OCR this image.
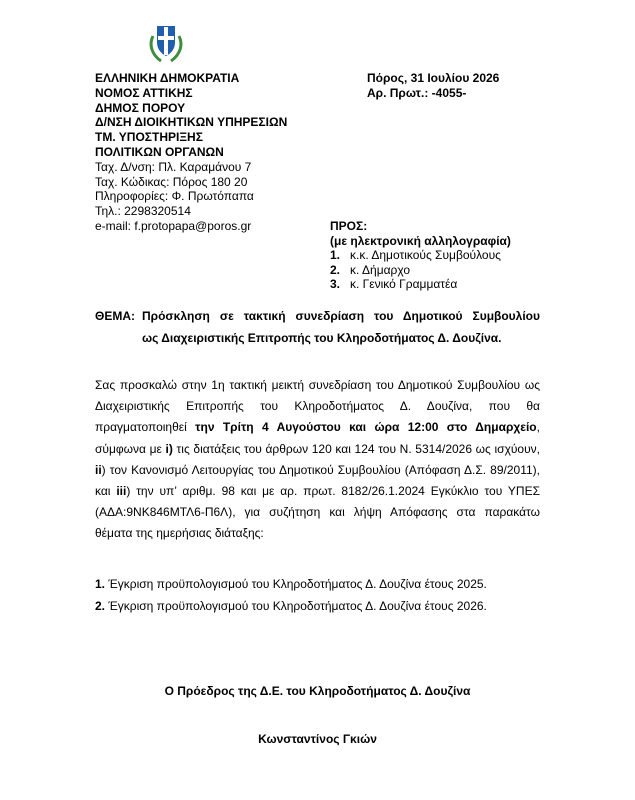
ΕΛΛΗΝΙΚΗ ΔΗΜΟΚΡΑΤΙΑ
ΝΟΜΟΣ ΑΤΤΙΚΗΣ
ΔΗΜΟΣ ΠΟΡΟΥ
Δ/ΝΣΗ ΔΙΟΙΚΗΤΙΚΩΝ ΥΠΗΡΕΣΙΩΝ
ΤΜ. ΥΠΟΣΤΗΡΙΞΗΣ
ΠΟΛΙΤΙΚΩΝ ΟΡΓΑΝΩΝ
Ταχ. Δ/νση: Πλ. Καραμάνου 7
Ταχ. Κώδικας: Πόρος 180 20
Πληροφορίες: Φ. Πρωτόπαπα
Τηλ.: 2298320514
e-mail: f.protopapa@poros.gr
Πόρος, 31 Ιουλίου 2026
Αρ. Πρωτ.: -4055-
ΠΡΟΣ:
(με ηλεκτρονική αλληλογραφία)
1. κ.κ. Δημοτικούς Συμβούλους
2. κ. Δήμαρχο
3. κ. Γενικό Γραμματέα
ΘΕΜΑ: Πρόσκληση σε τακτική συνεδρίαση του Δημοτικού Συμβουλίου
ως Διαχειριστικής Επιτροπής του Κληροδοτήματος Δ. Δουζίνα.
Σας προσκαλώ στην 1η τακτική μεικτή συνεδρίαση του Δημοτικού Συμβουλίου ως Διαχειριστικής Επιτροπής του Κληροδοτήματος Δ. Δουζίνα, που θα πραγματοποιηθεί την Τρίτη 4 Αυγούστου και ώρα 12:00 στο Δημαρχείο, σύμφωνα με i) τις διατάξεις του άρθρων 120 και 124 του Ν. 5314/2026 ως ισχύουν, ii) τον Κανονισμό Λειτουργίας του Δημοτικού Συμβουλίου (Απόφαση Δ.Σ. 89/2011), και iii) την υπ’ αριθμ. 98 και με αρ. πρωτ. 8182/26.1.2024 Εγκύκλιο του ΥΠΕΣ (ΑΔΑ:9ΝΚ846ΜΤΛ6-Π6Λ), για συζήτηση και λήψη Απόφασης στα παρακάτω θέματα της ημερήσιας διάταξης:
1. Έγκριση προϋπολογισμού του Κληροδοτήματος Δ. Δουζίνα έτους 2025.
2. Έγκριση προϋπολογισμού του Κληροδοτήματος Δ. Δουζίνα έτους 2026.
Ο Πρόεδρος της Δ.Ε. του Κληροδοτήματος Δ. Δουζίνα
Κωνσταντίνος Γκιών
